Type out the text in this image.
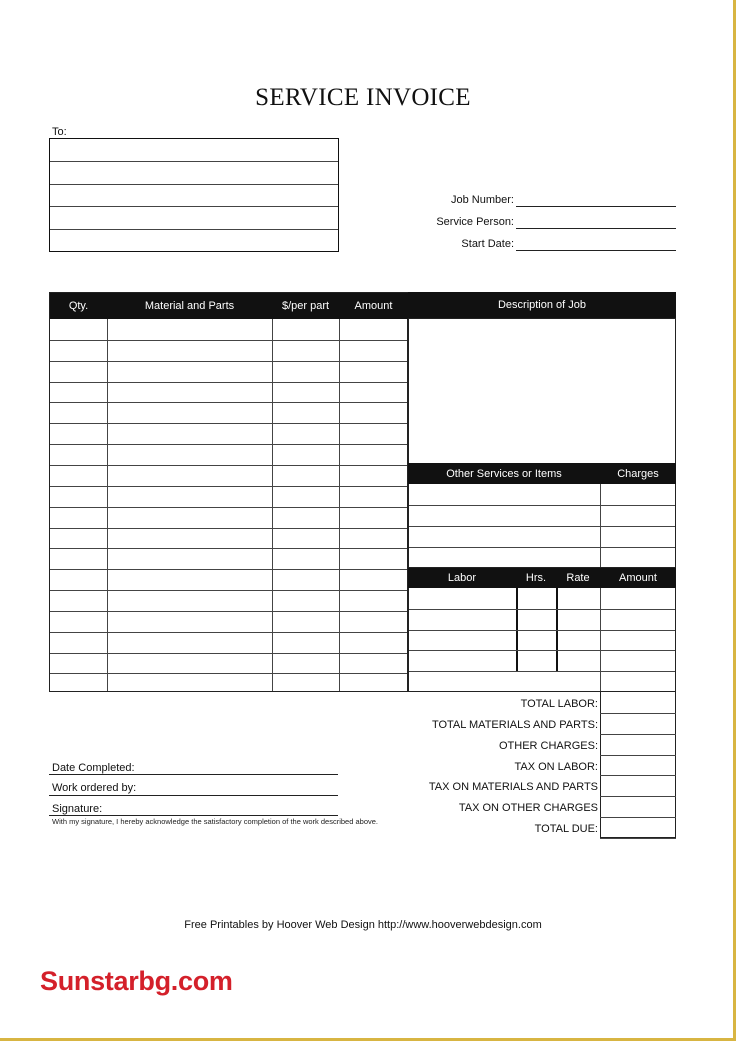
SERVICE INVOICE
To:
Job Number:
Service Person:
Start Date:
Qty.	Material and Parts	$/per part	Amount	Description of Job
Other Services or Items	Charges
Labor	Hrs.	Rate	Amount
TOTAL LABOR:
TOTAL MATERIALS AND PARTS:
OTHER CHARGES:
TAX ON LABOR:
TAX ON MATERIALS AND PARTS
TAX ON OTHER CHARGES
TOTAL DUE:
Date Completed:
Work ordered by:
Signature:
With my signature, I hereby acknowledge the satisfactory completion of the work described above.
Free Printables by Hoover Web Design http://www.hooverwebdesign.com
Sunstarbg.com
